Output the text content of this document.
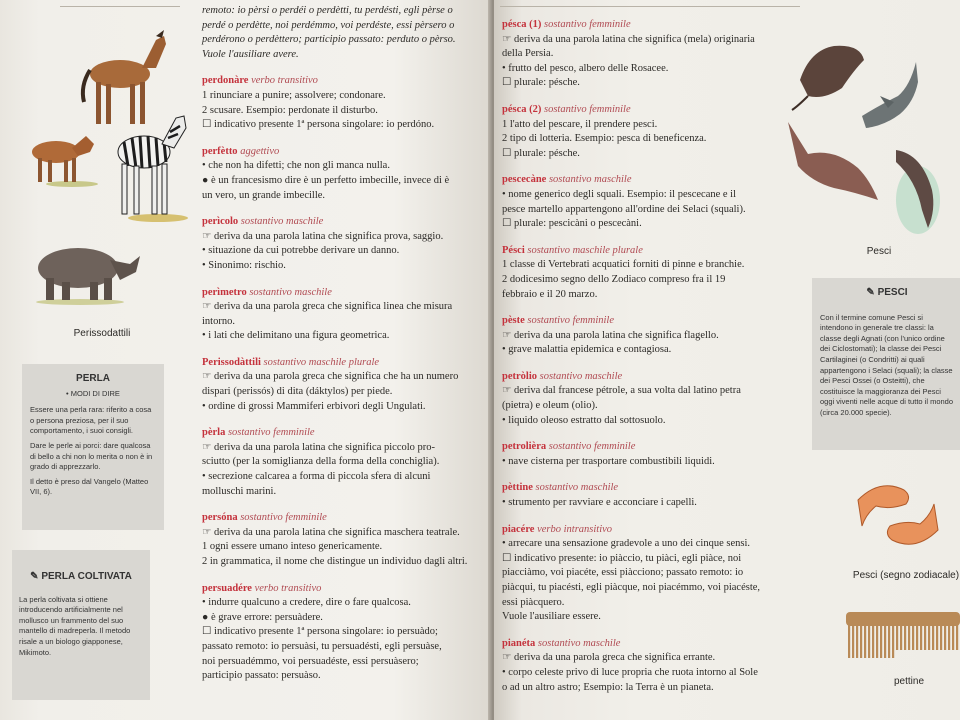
Perissodattili
PERLA
• MODI DI DIRE

Essere una perla rara: riferito a cosa o persona preziosa, per il suo comportamento, i suoi consigli.

Dare le perle ai porci: dare qualcosa di bello a chi non lo merita o non è in grado di apprezzarlo.

Il detto è preso dal Vangelo (Matteo VII, 6).

✎ PERLA COLTIVATA

La perla coltivata si ottiene introducendo artificialmente nel mollusco un frammento del suo mantello di madreperla. Il metodo risale a un biologo giapponese, Mikimoto.

remoto: io pèrsi o perdéi o perdètti, tu perdésti, egli pèrse o
perdé o perdètte, noi perdémmo, voi perdéste, essi pèrsero o
perdérono o perdèttero; participio passato: perduto o pèrso.
Vuole l'ausiliare avere.
perdonàre verbo transitivo
1 rinunciare a punire; assolvere; condonare.
2 scusare. Esempio: perdonate il disturbo.
☐ indicativo presente 1ª persona singolare: io perdóno.
perfètto aggettivo
• che non ha difetti; che non gli manca nulla.
● è un francesismo dire è un perfetto imbecille, invece di è
un vero, un grande imbecille.
perìcolo sostantivo maschile
☞ deriva da una parola latina che significa prova, saggio.
• situazione da cui potrebbe derivare un danno.
• Sinonimo: rischio.
perìmetro sostantivo maschile
☞ deriva da una parola greca che significa linea che misura
intorno.
• i lati che delimitano una figura geometrica.
Perissodàttili sostantivo maschile plurale
☞ deriva da una parola greca che significa che ha un numero
dispari (perissós) di dita (dáktylos) per piede.
• ordine di grossi Mammiferi erbivori degli Ungulati.
pèrla sostantivo femminile
☞ deriva da una parola latina che significa piccolo pro-
sciutto (per la somiglianza della forma della conchiglia).
• secrezione calcarea a forma di piccola sfera di alcuni
molluschi marini.
persóna sostantivo femminile
☞ deriva da una parola latina che significa maschera teatrale.
1 ogni essere umano inteso genericamente.
2 in grammatica, il nome che distingue un individuo dagli altri.
persuadére verbo transitivo
• indurre qualcuno a credere, dire o fare qualcosa.
● è grave errore: persuàdere.
☐ indicativo presente 1ª persona singolare: io persuàdo;
passato remoto: io persuàsi, tu persuadésti, egli persuàse,
noi persuadémmo, voi persuadéste, essi persuàsero;
participio passato: persuàso.
pésca (1) sostantivo femminile
☞ deriva da una parola latina che significa (mela) originaria
della Persia.
• frutto del pesco, albero delle Rosacee.
☐ plurale: pésche.
pésca (2) sostantivo femminile
1 l'atto del pescare, il prendere pesci.
2 tipo di lotteria. Esempio: pesca di beneficenza.
☐ plurale: pésche.
pescecàne sostantivo maschile
• nome generico degli squali. Esempio: il pescecane e il
pesce martello appartengono all'ordine dei Selaci (squali).
☐ plurale: pescicàni o pescecàni.
Pésci sostantivo maschile plurale
1 classe di Vertebrati acquatici forniti di pinne e branchie.
2 dodicesimo segno dello Zodiaco compreso fra il 19
febbraio e il 20 marzo.
pèste sostantivo femminile
☞ deriva da una parola latina che significa flagello.
• grave malattia epidemica e contagiosa.
petròlio sostantivo maschile
☞ deriva dal francese pétrole, a sua volta dal latino petra
(pietra) e oleum (olio).
• liquido oleoso estratto dal sottosuolo.
petrolièra sostantivo femminile
• nave cisterna per trasportare combustibili liquidi.
pèttine sostantivo maschile
• strumento per ravviare e acconciare i capelli.
piacére verbo intransitivo
• arrecare una sensazione gradevole a uno dei cinque sensi.
☐ indicativo presente: io piàccio, tu piàci, egli piàce, noi
piacciàmo, voi piacéte, essi piàcciono; passato remoto: io
piàcqui, tu piacésti, egli piàcque, noi piacémmo, voi piacéste,
essi piàcquero.
Vuole l'ausiliare essere.
pianéta sostantivo maschile
☞ deriva da una parola greca che significa errante.
• corpo celeste privo di luce propria che ruota intorno al Sole
o ad un altro astro; Esempio: la Terra è un pianeta.
Pesci
✎ PESCI

Con il termine comune Pesci si intendono in generale tre classi: la classe degli Agnati (con l'unico ordine dei Ciclostomati); la classe dei Pesci Cartilaginei (o Condritti) ai quali appartengono i Selaci (squali); la classe dei Pesci Ossei (o Osteitti), che costituisce la maggioranza dei Pesci oggi viventi nelle acque di tutto il mondo (circa 20.000 specie).

Pesci (segno zodiacale)
pettine
